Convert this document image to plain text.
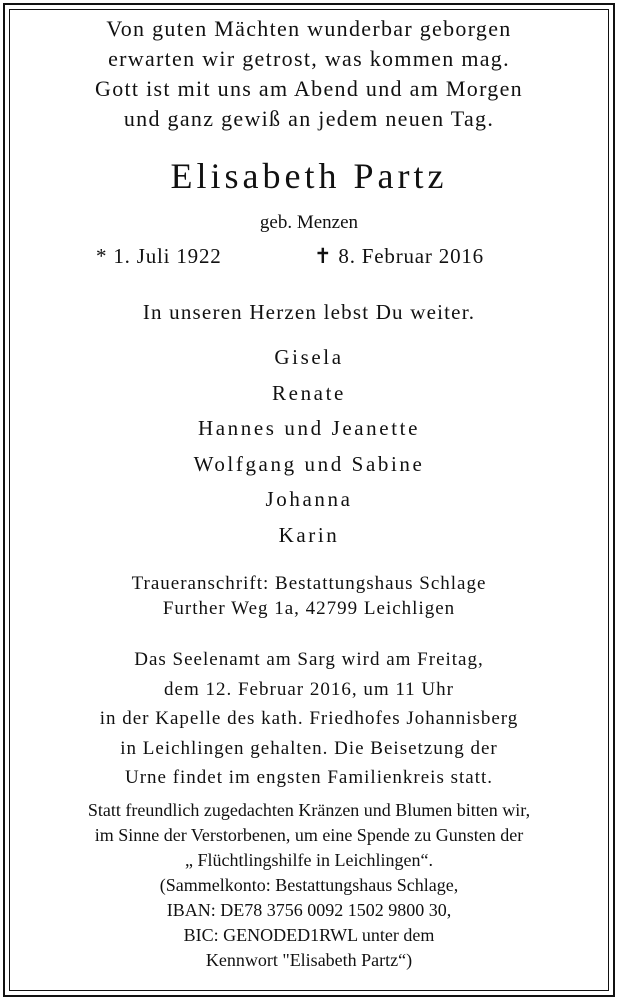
Von guten Mächten wunderbar geborgen
erwarten wir getrost, was kommen mag.
Gott ist mit uns am Abend und am Morgen
und ganz gewiß an jedem neuen Tag.
Elisabeth Partz
geb. Menzen
* 1. Juli 1922	✝ 8. Februar 2016
In unseren Herzen lebst Du weiter.
Gisela
Renate
Hannes und Jeanette
Wolfgang und Sabine
Johanna
Karin
Traueranschrift: Bestattungshaus Schlage
Further Weg 1a, 42799 Leichligen
Das Seelenamt am Sarg wird am Freitag,
dem 12. Februar 2016, um 11 Uhr
in der Kapelle des kath. Friedhofes Johannisberg
in Leichlingen gehalten. Die Beisetzung der
Urne findet im engsten Familienkreis statt.
Statt freundlich zugedachten Kränzen und Blumen bitten wir,
im Sinne der Verstorbenen, um eine Spende zu Gunsten der
„ Flüchtlingshilfe in Leichlingen“.
(Sammelkonto: Bestattungshaus Schlage,
IBAN: DE78 3756 0092 1502 9800 30,
BIC: GENODED1RWL unter dem
Kennwort "Elisabeth Partz“)
